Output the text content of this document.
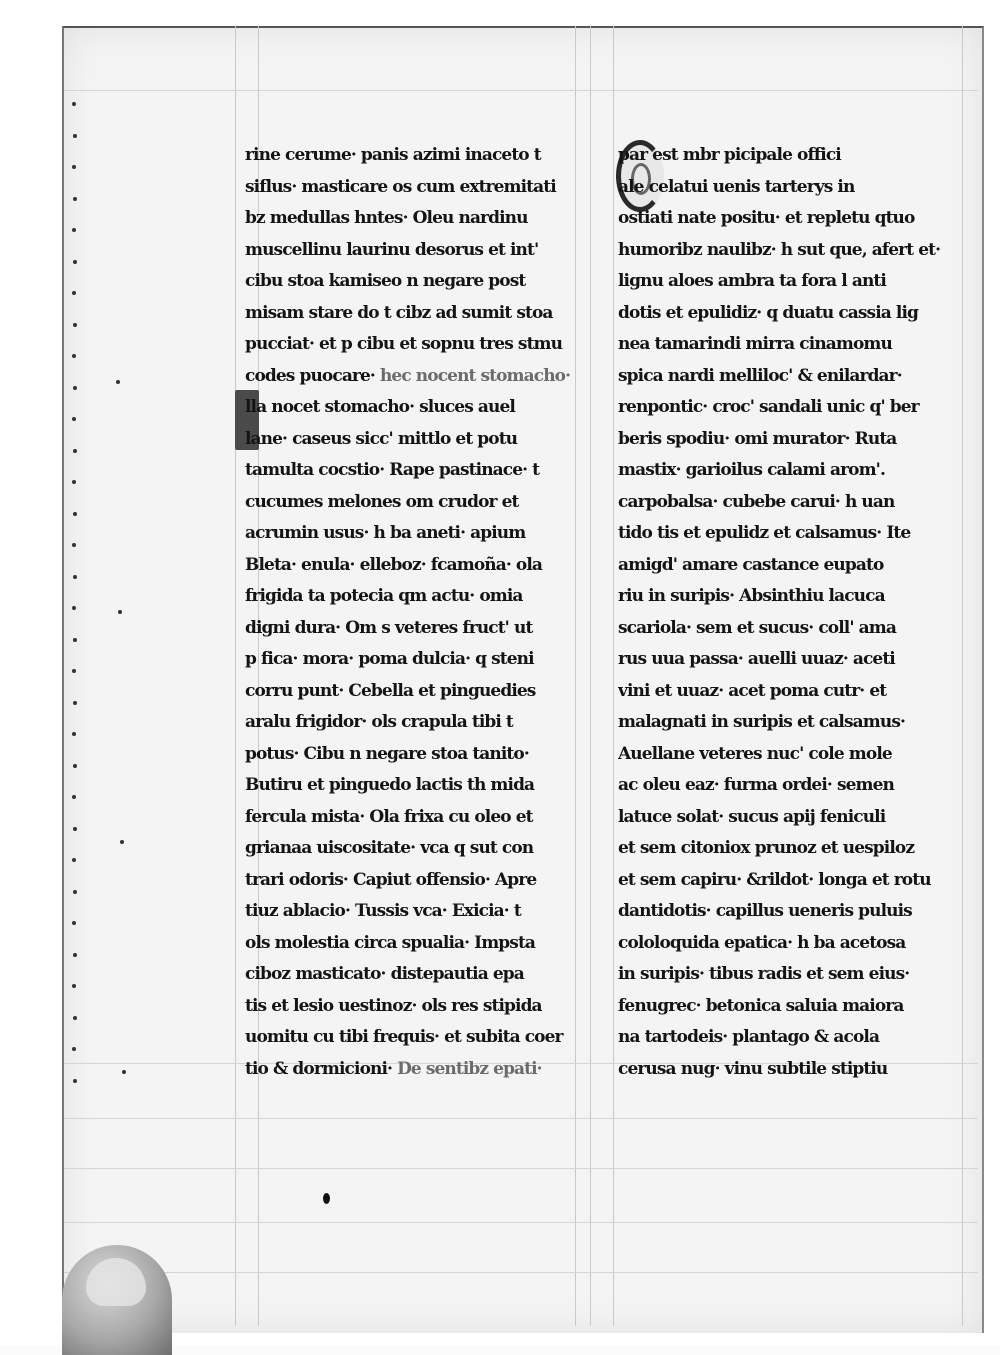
rine cerume· panis azimi inaceto t
siflus· masticare os cum extremitati
bz medullas hntes· Oleu nardinu
muscellinu laurinu desorus et int'
cibu stoa kamiseo n negare post
misam stare do t cibz ad sumit stoa
pucciat· et p cibu et sopnu tres stmu
codes puocare· hec nocent stomacho·
lla nocet stomacho· sluces auel
lane· caseus sicc' mittlo et potu
tamulta cocstio· Rape pastinace· t
cucumes melones om crudor et
acrumin usus· h ba aneti· apium
Bleta· enula· elleboz· fcamoña· ola
frigida ta potecia qm actu· omia
digni dura· Om s veteres fruct' ut
p fica· mora· poma dulcia· q steni
corru punt· Cebella et pinguedies
aralu frigidor· ols crapula tibi t
potus· Cibu n negare stoa tanito·
Butiru et pinguedo lactis th mida
fercula mista· Ola frixa cu oleo et
grianaa uiscositate· vca q sut con
trari odoris· Capiut offensio· Apre
tiuz ablacio· Tussis vca· Exicia· t
ols molestia circa spualia· Impsta
ciboz masticato· distepautia epa
tis et lesio uestinoz· ols res stipida
uomitu cu tibi frequis· et subita coer
tio & dormicioni· De sentibz epati·
par est mbr picipale offici
ale celatui uenis tarterys in
ostiati nate positu· et repletu qtuo
humoribz naulibz· h sut que, afert et·
lignu aloes ambra ta fora l anti
dotis et epulidiz· q duatu cassia lig
nea tamarindi mirra cinamomu
spica nardi melliloc' & enilardar·
renpontic· croc' sandali unic q' ber
beris spodiu· omi murator· Ruta
mastix· garioilus calami arom'.
carpobalsa· cubebe carui· h uan
tido tis et epulidz et calsamus· Ite
amigd' amare castance eupato
riu in suripis· Absinthiu lacuca
scariola· sem et sucus· coll' ama
rus uua passa· auelli uuaz· aceti
vini et uuaz· acet poma cutr· et
malagnati in suripis et calsamus·
Auellane veteres nuc' cole mole
ac oleu eaz· furma ordei· semen
latuce solat· sucus apij feniculi
et sem citoniox prunoz et uespiloz
et sem capiru· &rildot· longa et rotu
dantidotis· capillus ueneris puluis
cololoquida epatica· h ba acetosa
in suripis· tibus radis et sem eius·
fenugrec· betonica saluia maiora
na tartodeis· plantago & acola
cerusa nug· vinu subtile stiptiu
